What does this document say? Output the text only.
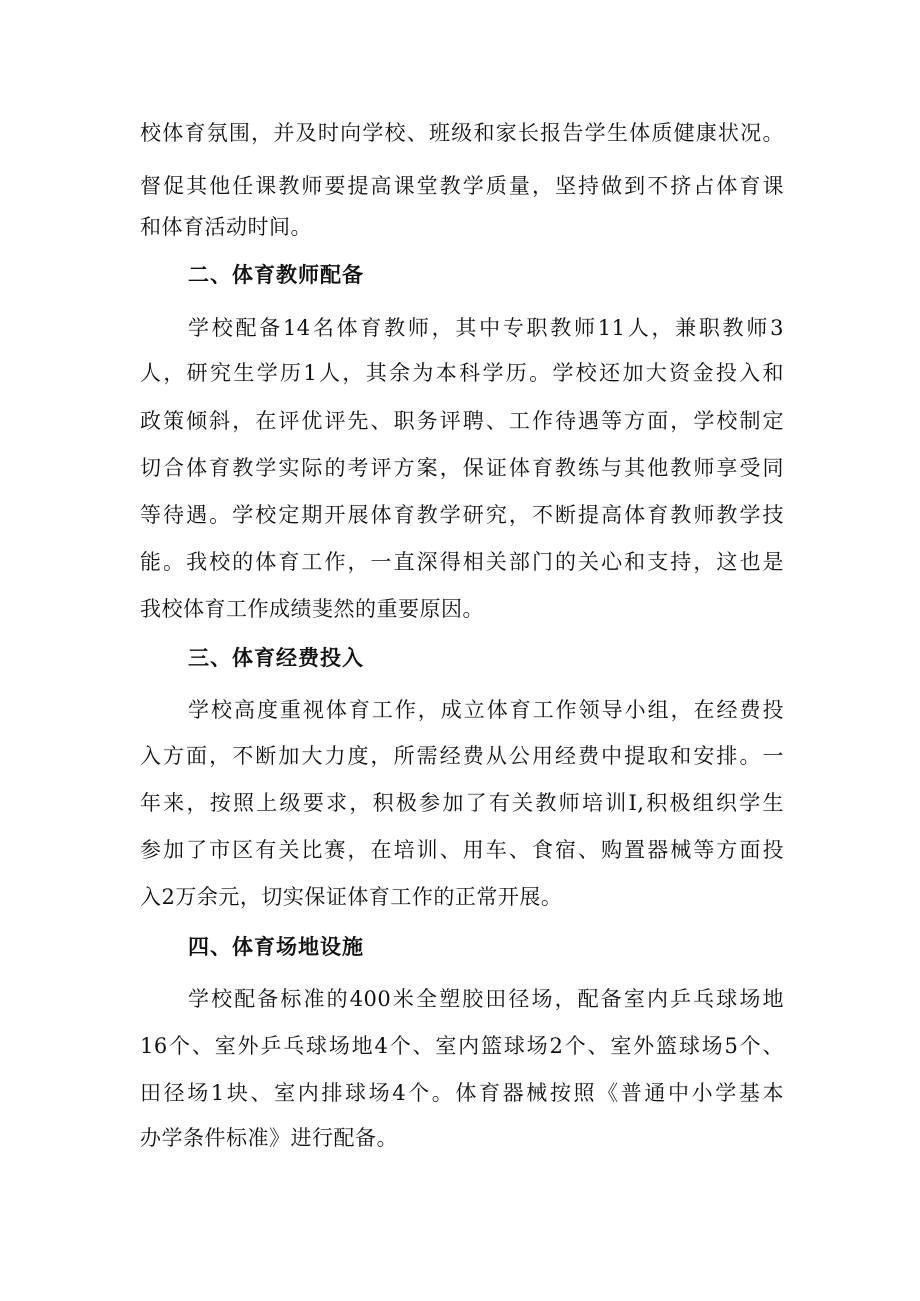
校体育氛围，并及时向学校、班级和家长报告学生体质健康状况。
督促其他任课教师要提高课堂教学质量，坚持做到不挤占体育课
和体育活动时间。
二、体育教师配备
学校配备14名体育教师，其中专职教师11人，兼职教师3
人，研究生学历1人，其余为本科学历。学校还加大资金投入和
政策倾斜，在评优评先、职务评聘、工作待遇等方面，学校制定
切合体育教学实际的考评方案，保证体育教练与其他教师享受同
等待遇。学校定期开展体育教学研究，不断提高体育教师教学技
能。我校的体育工作，一直深得相关部门的关心和支持，这也是
我校体育工作成绩斐然的重要原因。
三、体育经费投入
学校高度重视体育工作，成立体育工作领导小组，在经费投
入方面，不断加大力度，所需经费从公用经费中提取和安排。一
年来，按照上级要求，积极参加了有关教师培训I,积极组织学生
参加了市区有关比赛，在培训、用车、食宿、购置器械等方面投
入2万余元，切实保证体育工作的正常开展。
四、体育场地设施
学校配备标准的400米全塑胶田径场，配备室内乒乓球场地
16个、室外乒乓球场地4个、室内篮球场2个、室外篮球场5个、
田径场1块、室内排球场4个。体育器械按照《普通中小学基本
办学条件标准》进行配备。
